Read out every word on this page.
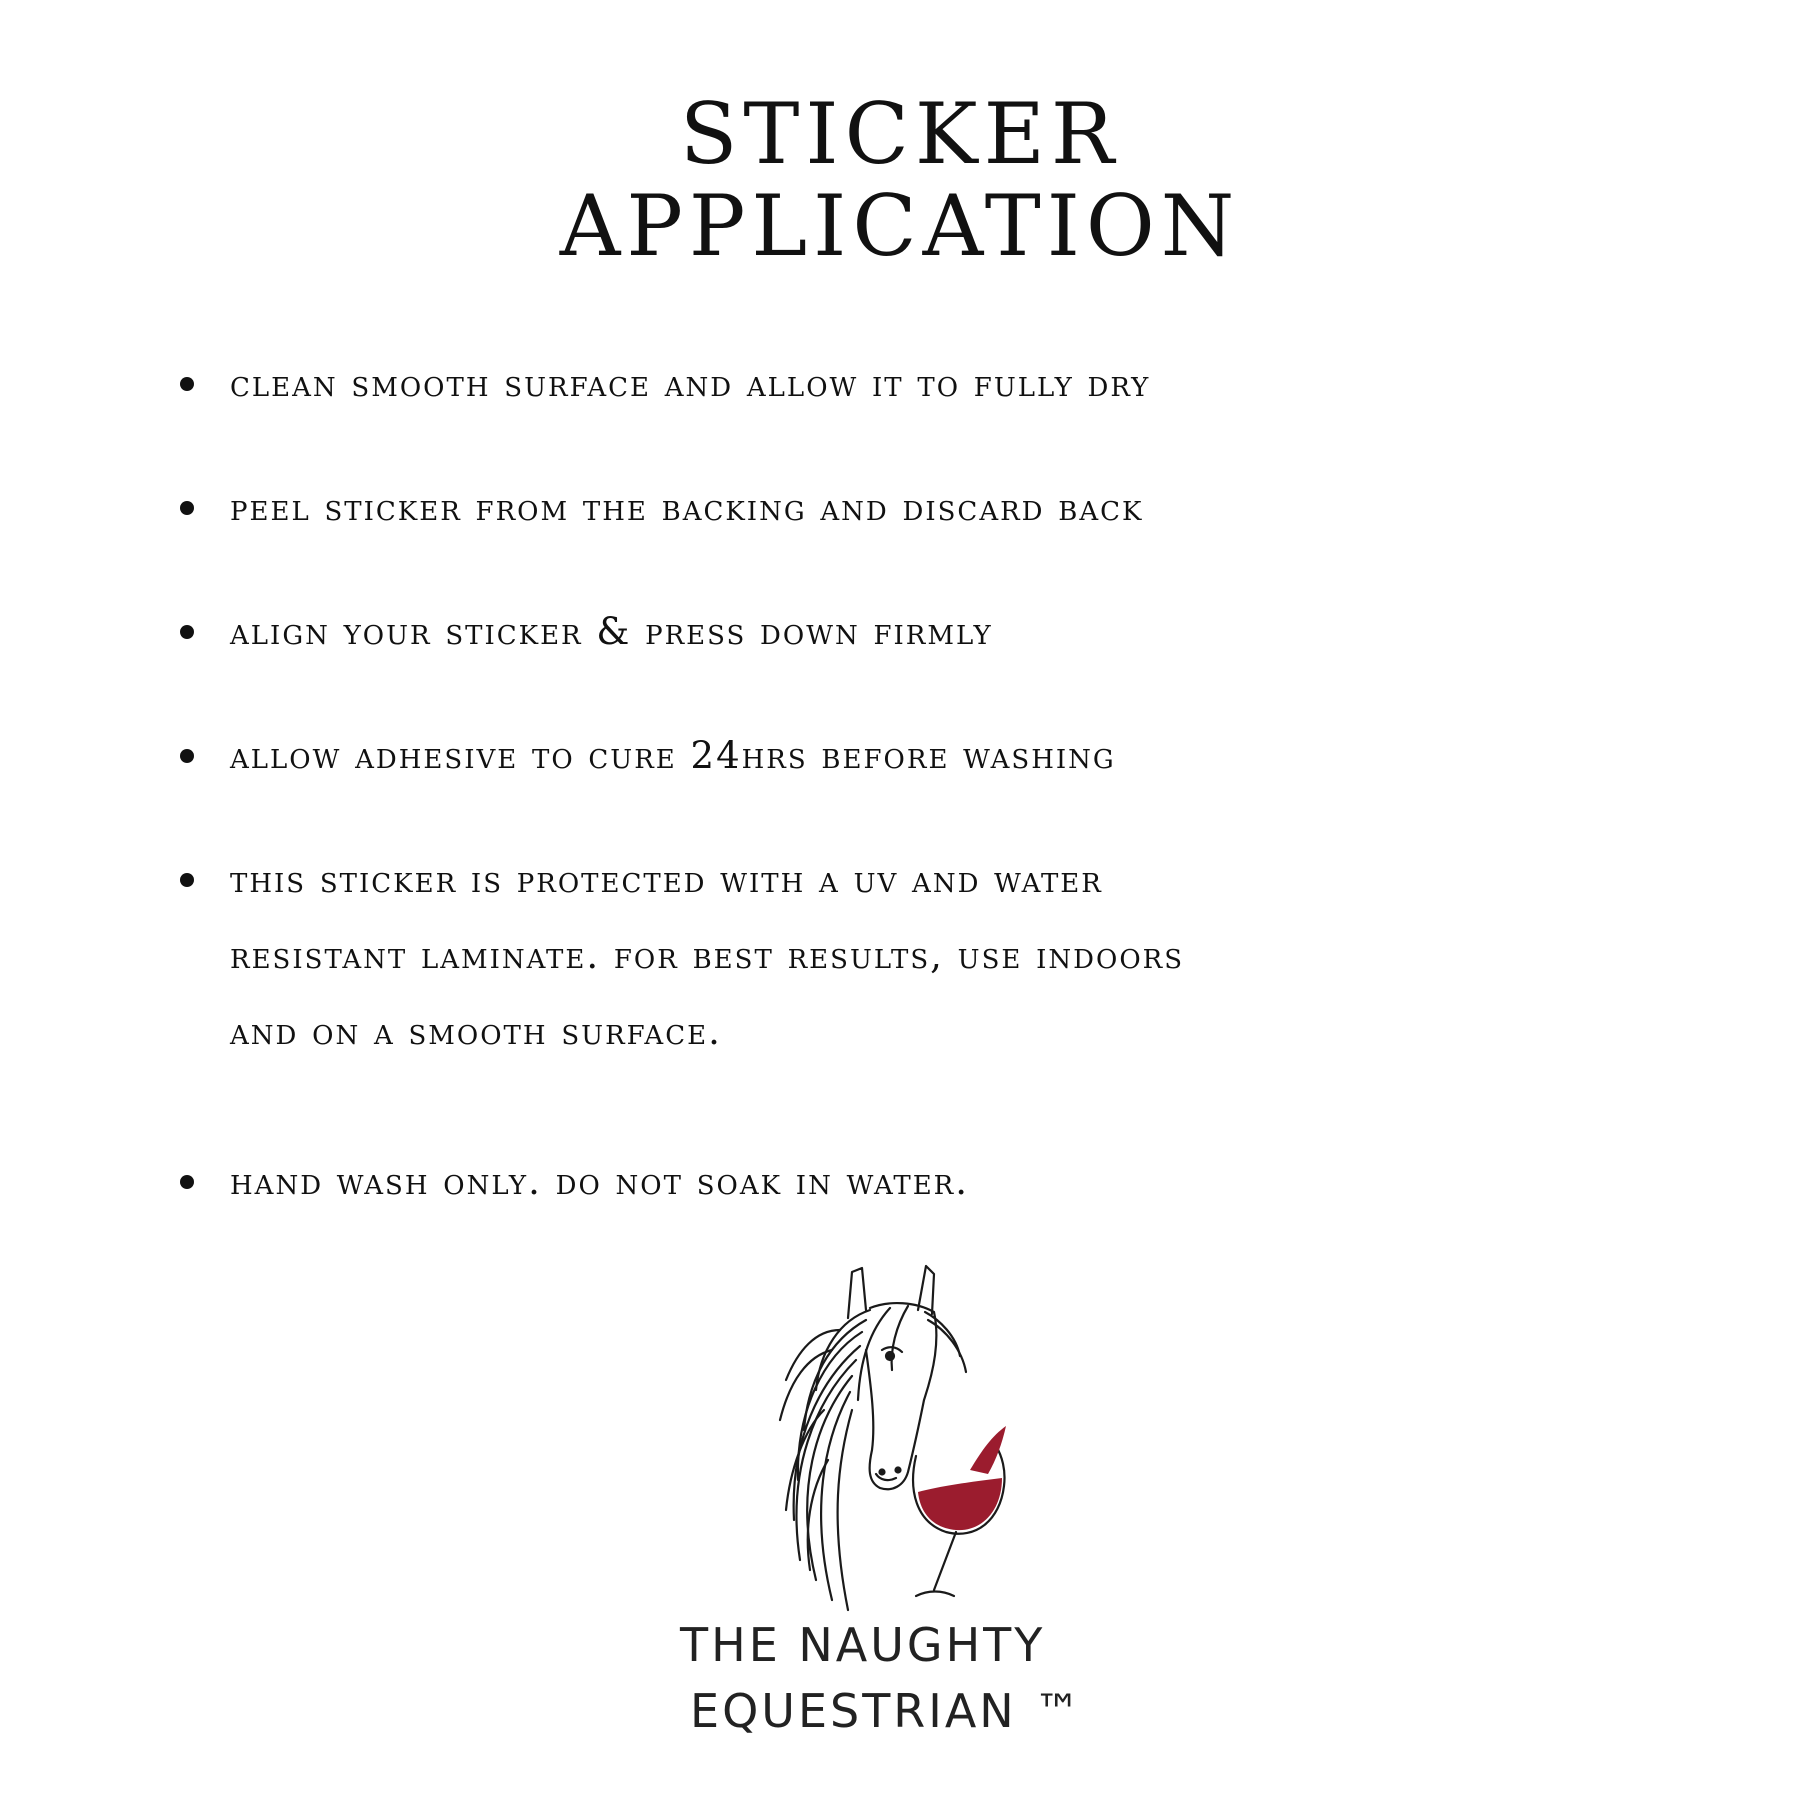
STICKER
APPLICATION
clean smooth surface and allow it to fully dry
peel sticker from the backing and discard back
align your sticker & press down firmly
allow adhesive to cure 24hrs before washing
this sticker is protected with a uv and water
resistant laminate. for best results, use indoors
and on a smooth surface.
hand wash only. do not soak in water.
THE NAUGHTY
EQUESTRIAN ™
